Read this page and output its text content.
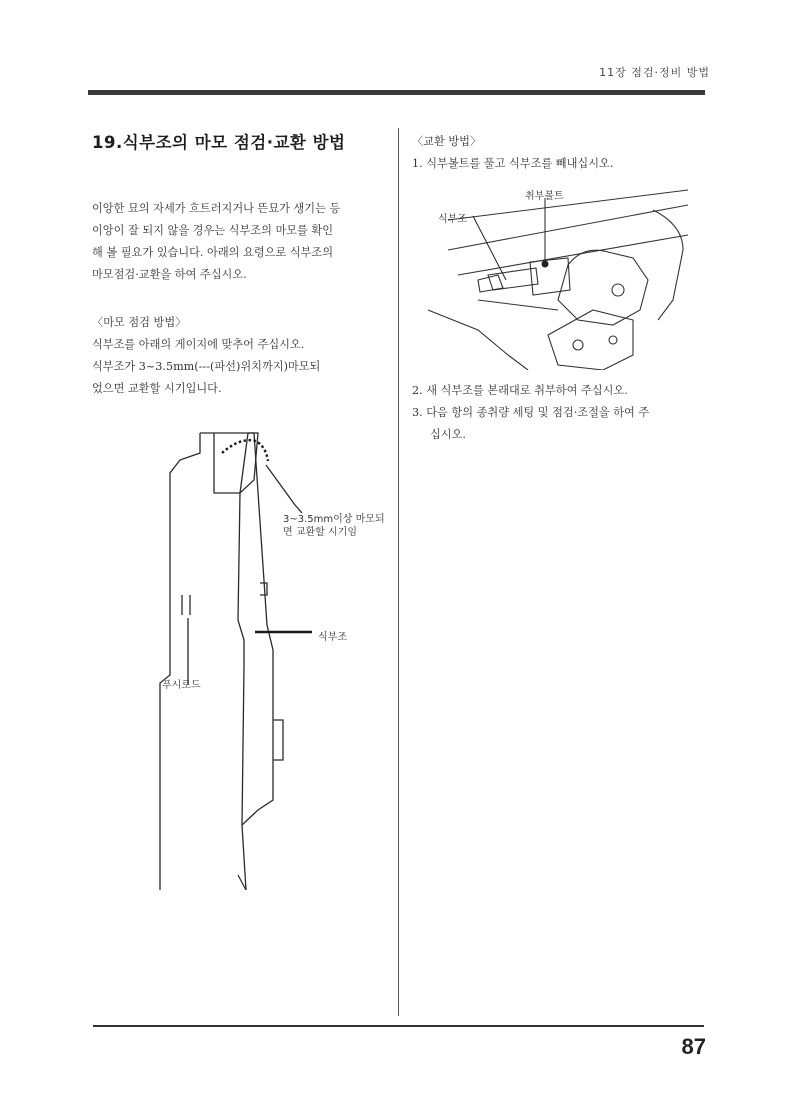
11장 점검·정비 방법
19.식부조의 마모 점검·교환 방법
이앙한 묘의 자세가 흐트러지거나 뜬묘가 생기는 등
이앙이 잘 되지 않을 경우는 식부조의 마모를 확인
해 볼 필요가 있습니다. 아래의 요령으로 식부조의
마모점검·교환을 하여 주십시오.
〈마모 점검 방법〉
식부조를 아래의 게이지에 맞추어 주십시오.
식부조가 3~3.5mm(---(파선)위치까지)마모되
었으면 교환할 시기입니다.
3~3.5mm이상 마모되
면 교환할 시기임
식부조
푸시로드
〈교환 방법〉
1. 식부볼트를 풀고 식부조를 빼내십시오.
취부볼트
식부조
2. 새 식부조를 본래대로 취부하여 주십시오.
3. 다음 항의 종취량 세팅 및 점검·조절을 하여 주
십시오.
87
